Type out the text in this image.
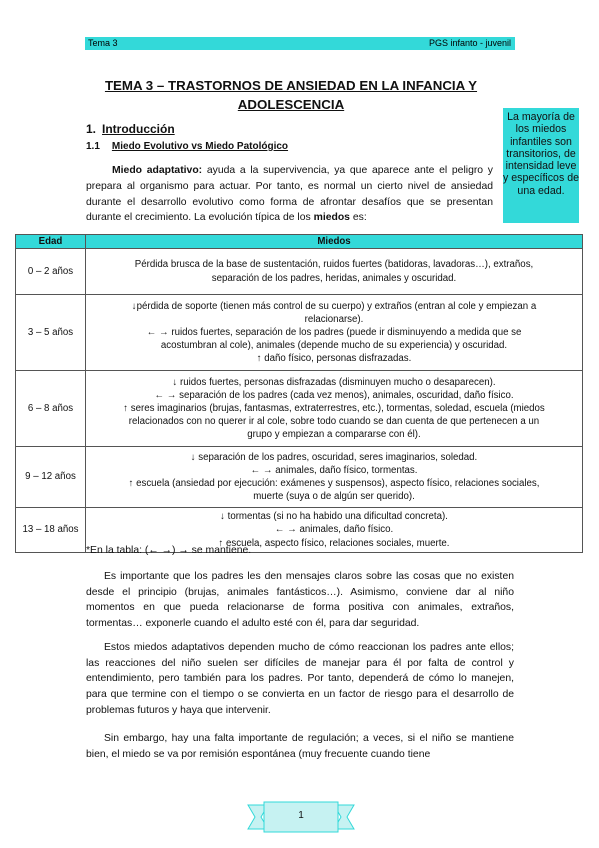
Tema 3	PGS infanto - juvenil
TEMA 3 – TRASTORNOS DE ANSIEDAD EN LA INFANCIA Y
ADOLESCENCIA
La mayoría de los miedos infantiles son transitorios, de intensidad leve y específicos de una edad.
1. Introducción
1.1 Miedo Evolutivo vs Miedo Patológico
Miedo adaptativo: ayuda a la supervivencia, ya que aparece ante el peligro y prepara al organismo para actuar. Por tanto, es normal un cierto nivel de ansiedad durante el desarrollo evolutivo como forma de afrontar desafíos que se presentan durante el crecimiento. La evolución típica de los miedos es:
Edad	Miedos
0 – 2 años	Pérdida brusca de la base de sustentación, ruidos fuertes (batidoras, lavadoras…), extraños,
separación de los padres, heridas, animales y oscuridad.

3 – 5 años	↓pérdida de soporte (tienen más control de su cuerpo) y extraños (entran al cole y empiezan a
relacionarse).
← → ruidos fuertes, separación de los padres (puede ir disminuyendo a medida que se
acostumbran al cole), animales (depende mucho de su experiencia) y oscuridad.
↑ daño físico, personas disfrazadas.

6 – 8 años	↓ ruidos fuertes, personas disfrazadas (disminuyen mucho o desaparecen).
← → separación de los padres (cada vez menos), animales, oscuridad, daño físico.
↑ seres imaginarios (brujas, fantasmas, extraterrestres, etc.), tormentas, soledad, escuela (miedos
relacionados con no querer ir al cole, sobre todo cuando se dan cuenta de que pertenecen a un
grupo y empiezan a compararse con él).

9 – 12 años	↓ separación de los padres, oscuridad, seres imaginarios, soledad.
← → animales, daño físico, tormentas.
↑ escuela (ansiedad por ejecución: exámenes y suspensos), aspecto físico, relaciones sociales,
muerte (suya o de algún ser querido).

13 – 18 años	↓ tormentas (si no ha habido una dificultad concreta).
← → animales, daño físico.
↑ escuela, aspecto físico, relaciones sociales, muerte.
*En la tabla: (← →) → se mantiene.
Es importante que los padres les den mensajes claros sobre las cosas que no existen desde el principio (brujas, animales fantásticos…). Asimismo, conviene dar al niño momentos en que pueda relacionarse de forma positiva con animales, extraños, tormentas… exponerle cuando el adulto esté con él, para dar seguridad.
Estos miedos adaptativos dependen mucho de cómo reaccionan los padres ante ellos; las reacciones del niño suelen ser difíciles de manejar para él por falta de control y entendimiento, pero también para los padres. Por tanto, dependerá de cómo lo manejen, para que termine con el tiempo o se convierta en un factor de riesgo para el desarrollo de problemas futuros y haya que intervenir.
Sin embargo, hay una falta importante de regulación; a veces, si el niño se mantiene bien, el miedo se va por remisión espontánea (muy frecuente cuando tiene
1
